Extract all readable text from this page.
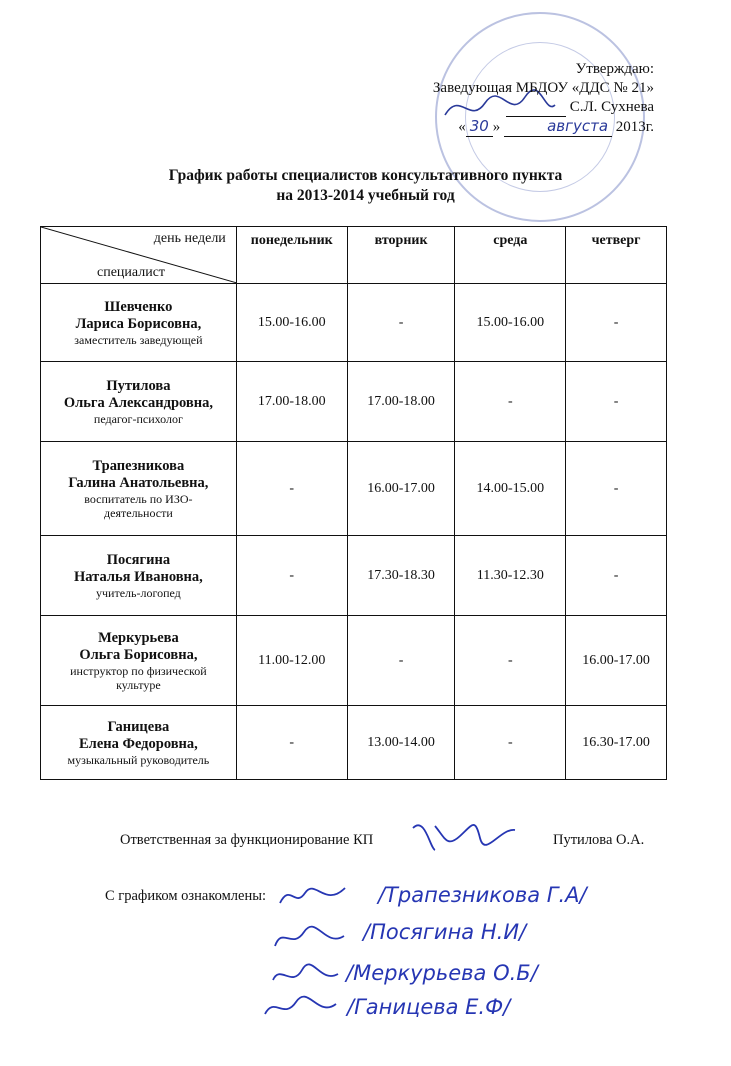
Утверждаю:
Заведующая МБДОУ «ДДС № 21»
С.Л. Сухнева
« 30 »	августа 2013г.
График работы специалистов консультативного пункта
на 2013-2014 учебный год
день недели
специалист	понедельник	вторник	среда	четверг

Шевченко
Лариса Борисовна,
заместитель заведующей	15.00-16.00	-	15.00-16.00	-

Путилова
Ольга Александровна,
педагог-психолог	17.00-18.00	17.00-18.00	-	-

Трапезникова
Галина Анатольевна,
воспитатель по ИЗО-деятельности	-	16.00-17.00	14.00-15.00	-

Посягина
Наталья Ивановна,
учитель-логопед	-	17.30-18.30	11.30-12.30	-

Меркурьева
Ольга Борисовна,
инструктор по физической культуре	11.00-12.00	-	-	16.00-17.00

Ганицева
Елена Федоровна,
музыкальный руководитель	-	13.00-14.00	-	16.30-17.00
Ответственная за функционирование КП	Путилова О.А.
С графиком ознакомлены:	/Трапезникова Г.А/
/Посягина Н.И/
/Меркурьева О.Б/
/Ганицева Е.Ф/
